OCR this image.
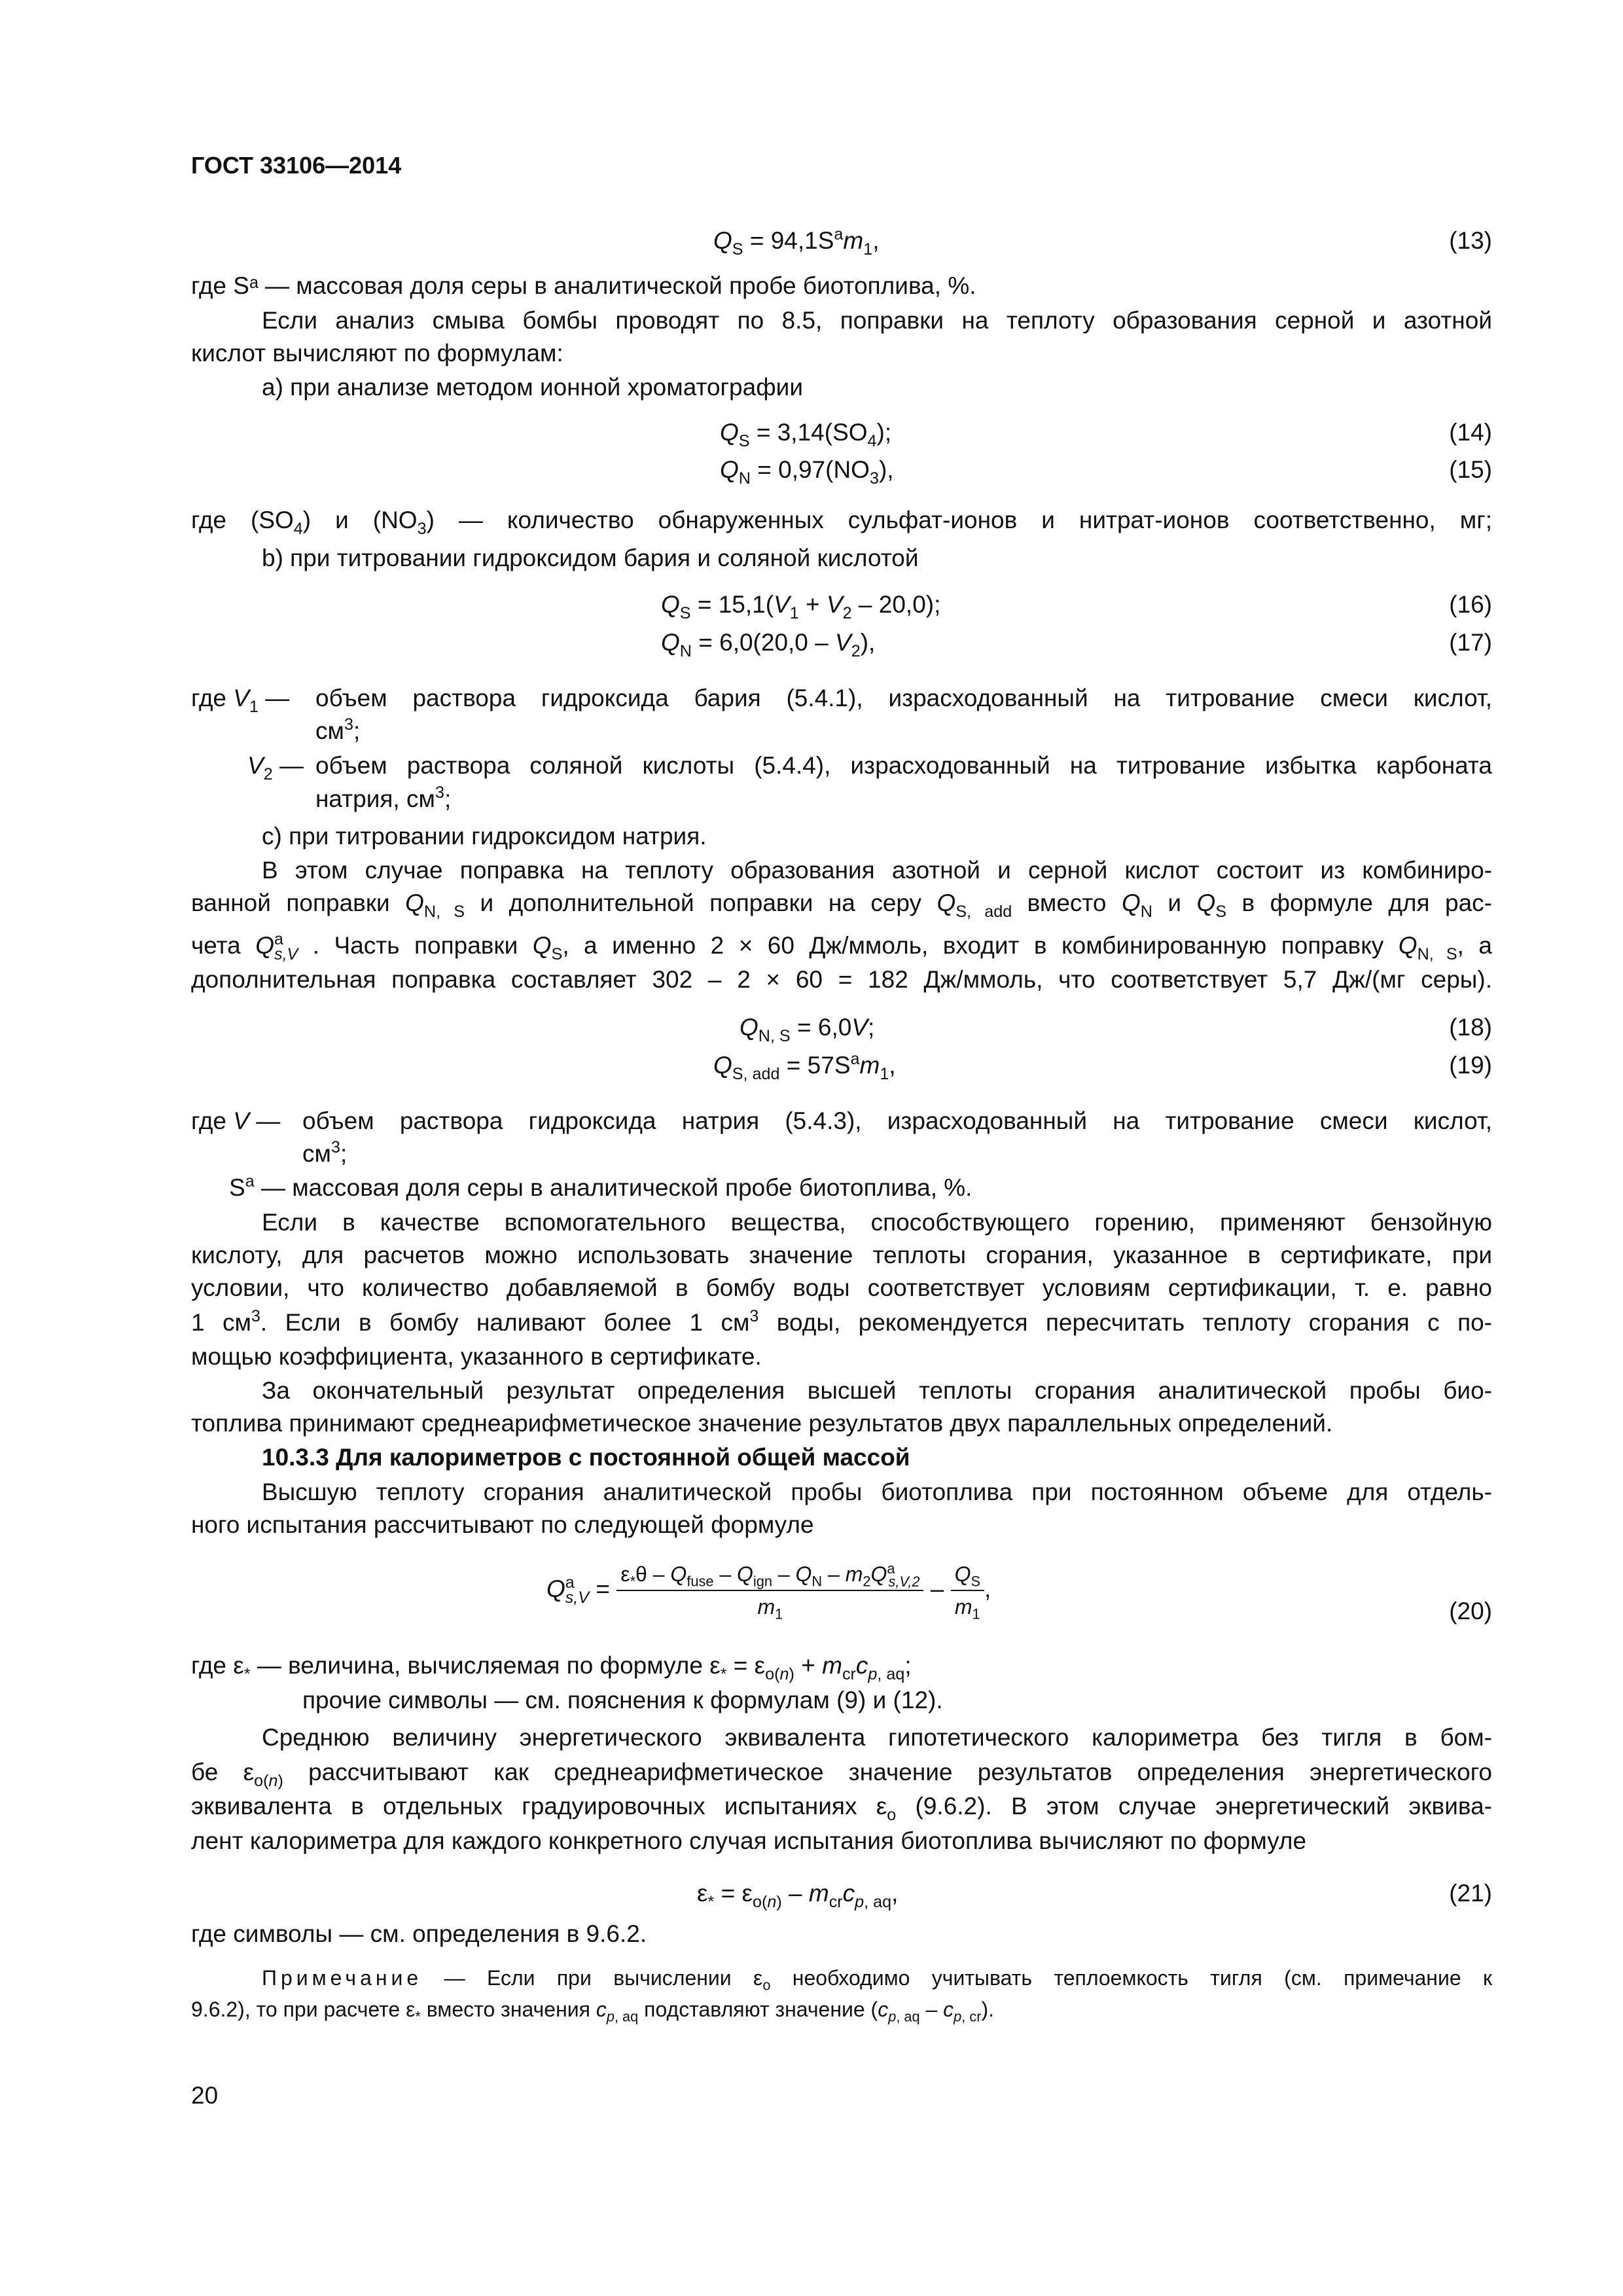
ГОСТ 33106—2014
$Q_S = 94,1S^am_1$,	(13)
где Sᵃ — массовая доля серы в аналитической пробе биотоплива, %.
Если анализ смыва бомбы проводят по 8.5, поправки на теплоту образования серной и азотной
кислот вычисляют по формулам:
а) при анализе методом ионной хроматографии
$Q_S = 3,14(SO_4)$;	(14)
$Q_N = 0,97(NO_3)$,	(15)
где $(SO_4)$ и $(NO_3)$ — количество обнаруженных сульфат-ионов и нитрат-ионов соответственно, мг;
b) при титровании гидроксидом бария и соляной кислотой
$Q_S = 15,1(V_1 + V_2 - 20,0)$;	(16)
$Q_N = 6,0(20,0 - V_2)$,	(17)
где $V_1$ — объем раствора гидроксида бария (5.4.1), израсходованный на титрование смеси кислот,
$см^3$;
$V_2$ — объем раствора соляной кислоты (5.4.4), израсходованный на титрование избытка карбоната
натрия, $см^3$;
с) при титровании гидроксидом натрия.
В этом случае поправка на теплоту образования азотной и серной кислот состоит из комбиниро-
ванной поправки $Q_{N, S}$ и дополнительной поправки на серу $Q_{S, add}$ вместо $Q_N$ и $Q_S$ в формуле для рас-
чета $Q^a_{s,V}$ . Часть поправки $Q_S$, а именно 2 × 60 Дж/ммоль, входит в комбинированную поправку $Q_{N, S}$, а
дополнительная поправка составляет 302 – 2 × 60 = 182 Дж/ммоль, что соответствует 5,7 Дж/(мг серы).
$Q_{N, S} = 6,0V$;	(18)
$Q_{S, add} = 57S^am_1$,	(19)
где V — объем раствора гидроксида натрия (5.4.3), израсходованный на титрование смеси кислот,
$см^3$;
$S^a$ — массовая доля серы в аналитической пробе биотоплива, %.
Если в качестве вспомогательного вещества, способствующего горению, применяют бензойную
кислоту, для расчетов можно использовать значение теплоты сгорания, указанное в сертификате, при
условии, что количество добавляемой в бомбу воды соответствует условиям сертификации, т. е. равно
1 $см^3$. Если в бомбу наливают более 1 $см^3$ воды, рекомендуется пересчитать теплоту сгорания с по-
мощью коэффициента, указанного в сертификате.
За окончательный результат определения высшей теплоты сгорания аналитической пробы био-
топлива принимают среднеарифметическое значение результатов двух параллельных определений.
10.3.3 Для калориметров с постоянной общей массой
Высшую теплоту сгорания аналитической пробы биотоплива при постоянном объеме для отдель-
ного испытания рассчитывают по следующей формуле
$Q^a_{s,V} = \frac{\varepsilon_*\theta - Q_{fuse} - Q_{ign} - Q_N - m_2Q^a_{s,V,2}}{m_1} - \frac{Q_S}{m_1}$ ,
(20)
где $\varepsilon_*$ — величина, вычисляемая по формуле $\varepsilon_* = \varepsilon_{o(n)} + m_{cr}c_{p, aq}$;
прочие символы — см. пояснения к формулам (9) и (12).
Среднюю величину энергетического эквивалента гипотетического калориметра без тигля в бом-
бе $\varepsilon_{o(n)}$ рассчитывают как среднеарифметическое значение результатов определения энергетического
эквивалента в отдельных градуировочных испытаниях $\varepsilon_o$ (9.6.2). В этом случае энергетический эквива-
лент калориметра для каждого конкретного случая испытания биотоплива вычисляют по формуле
$\varepsilon_* = \varepsilon_{o(n)} - m_{cr}c_{p, aq}$,	(21)
где символы — см. определения в 9.6.2.
Примечание — Если при вычислении $\varepsilon_o$ необходимо учитывать теплоемкость тигля (см. примечание к
9.6.2), то при расчете $\varepsilon_*$ вместо значения $c_{p, aq}$ подставляют значение $(c_{p, aq} - c_{p, cr})$.
20
